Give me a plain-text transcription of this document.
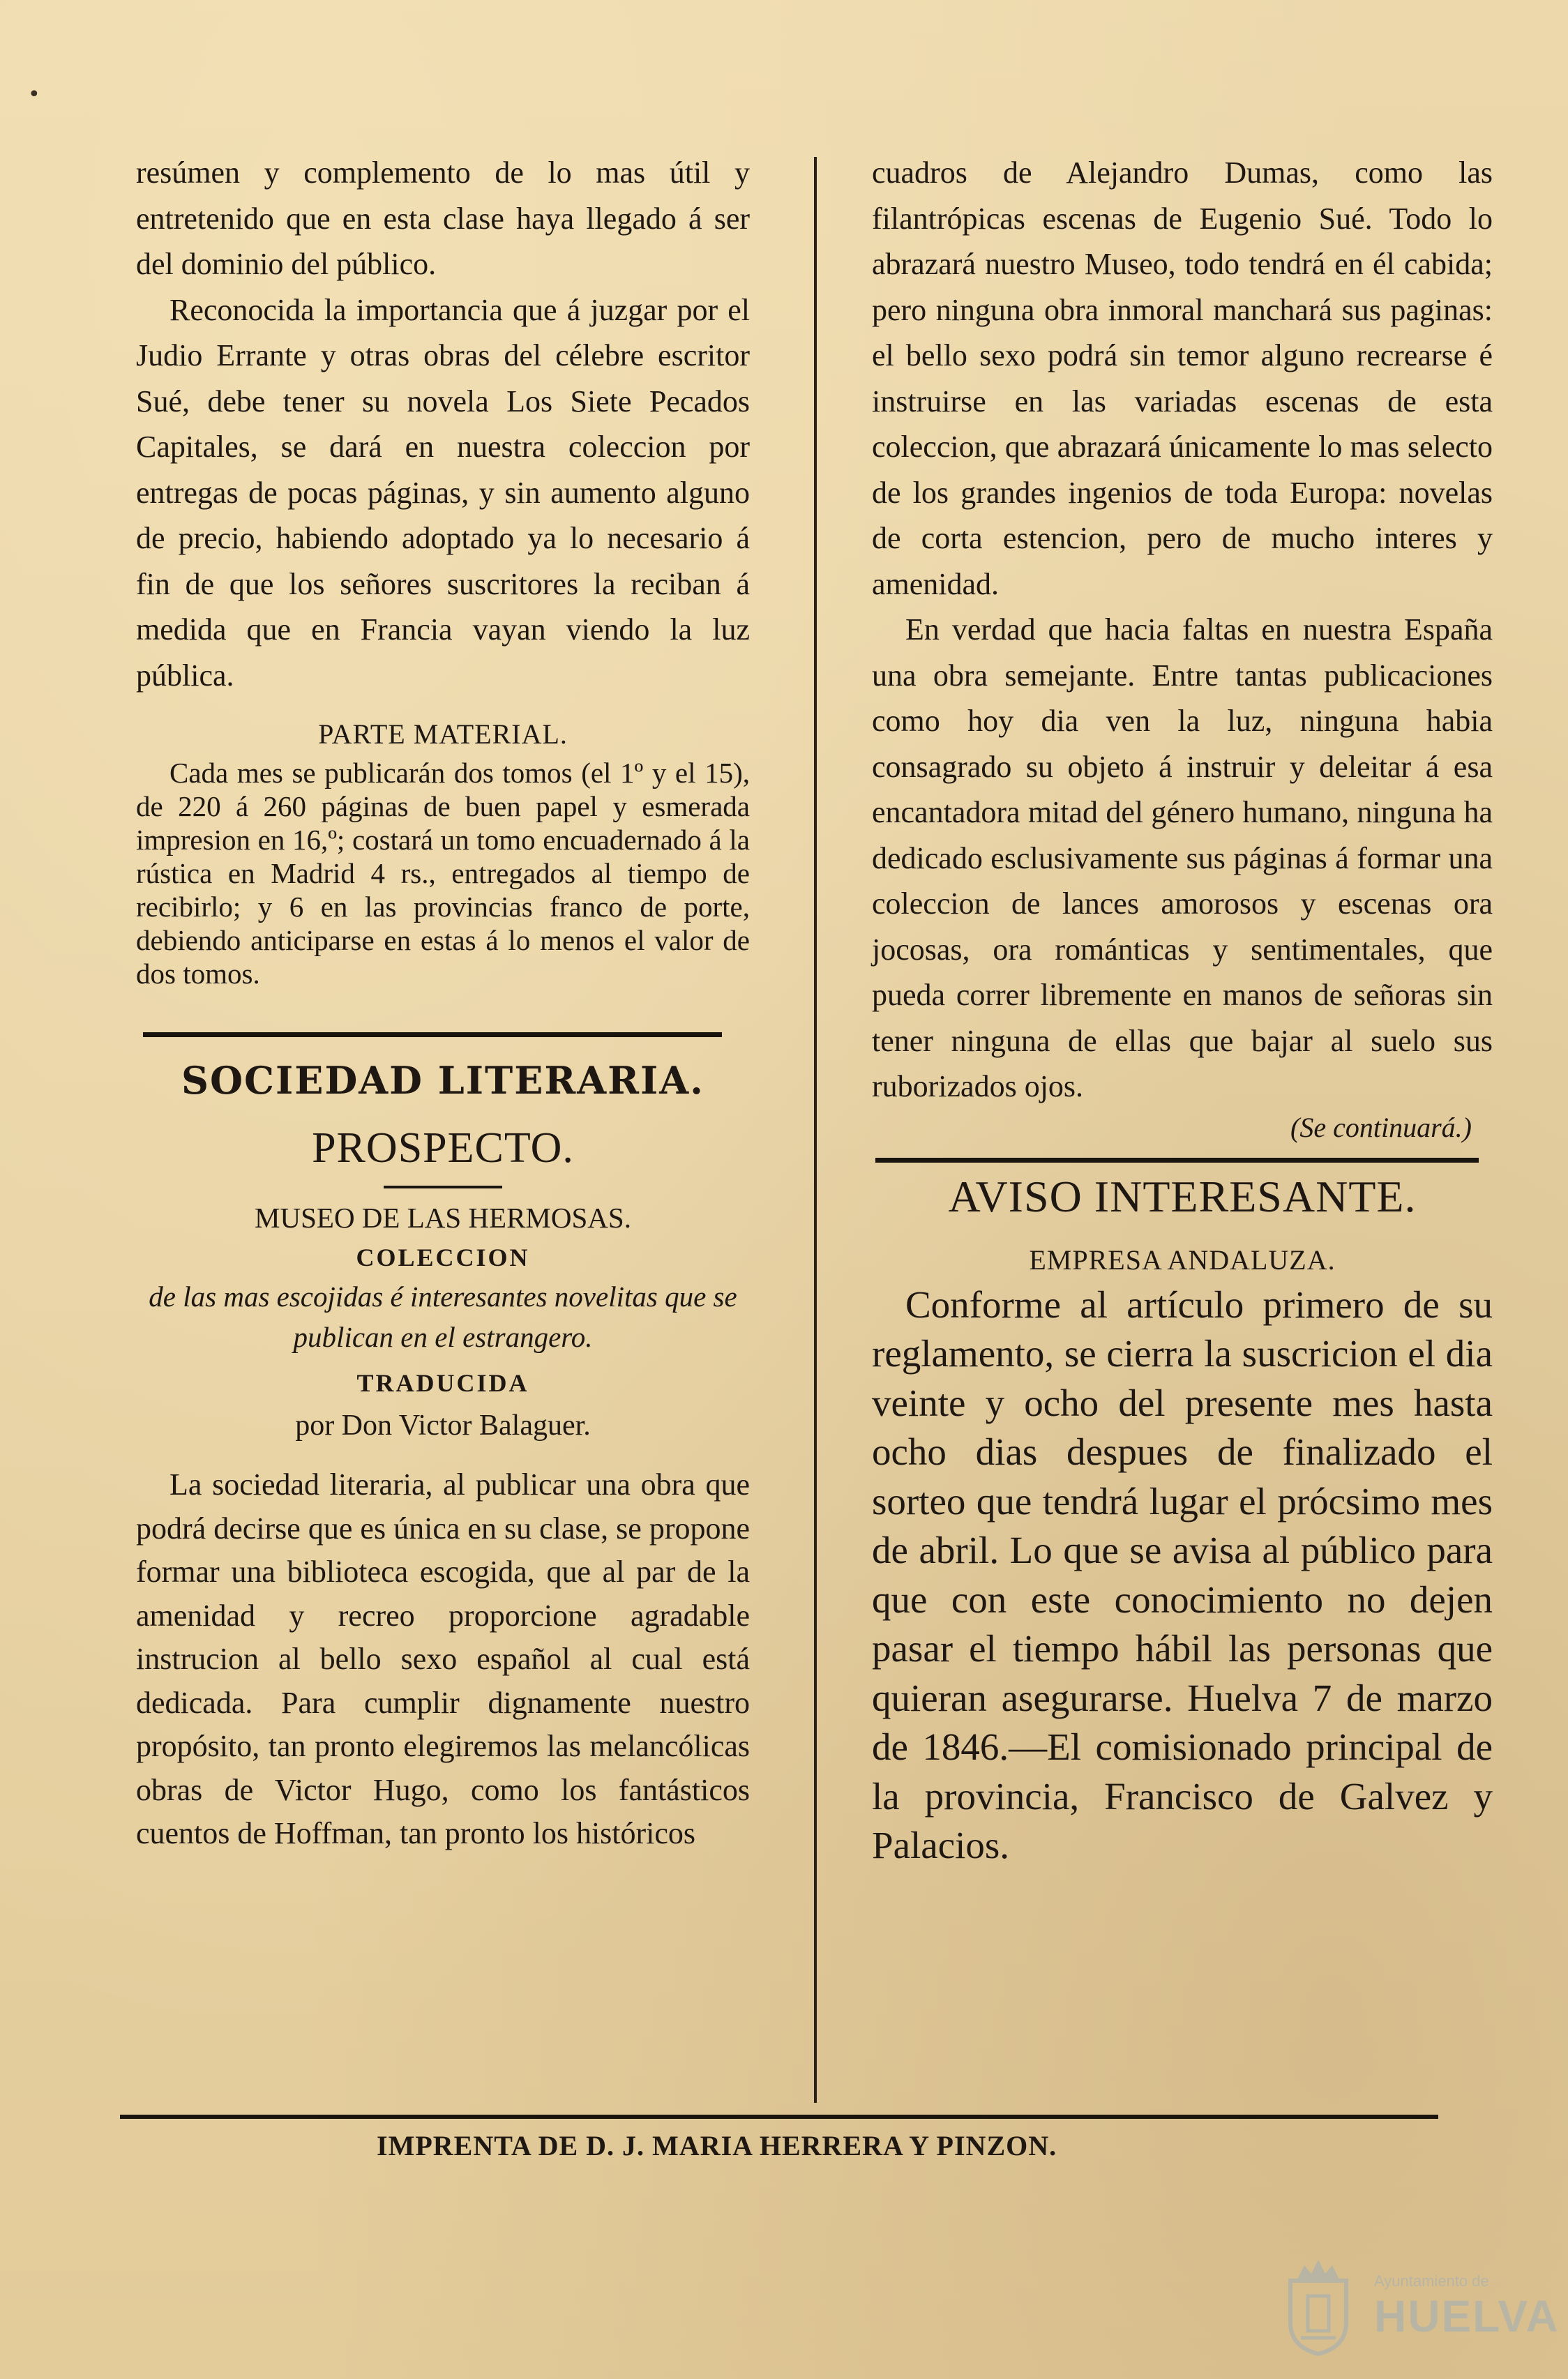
•

resúmen y complemento de lo mas útil y entretenido que en esta clase haya llegado á ser del dominio del público.

Reconocida la importancia que á juzgar por el Judio Errante y otras obras del célebre escritor Sué, debe tener su novela Los Siete Pecados Capitales, se dará en nuestra coleccion por entregas de pocas páginas, y sin aumento alguno de precio, habiendo adoptado ya lo necesario á fin de que los señores suscritores la reciban á medida que en Francia vayan viendo la luz pública.

PARTE MATERIAL.

Cada mes se publicarán dos tomos (el 1º y el 15), de 220 á 260 páginas de buen papel y esmerada impresion en 16,º; costará un tomo encuadernado á la rústica en Madrid 4 rs., entregados al tiempo de recibirlo; y 6 en las provincias franco de porte, debiendo anticiparse en estas á lo menos el valor de dos tomos.

SOCIEDAD LITERARIA.

PROSPECTO.

MUSEO DE LAS HERMOSAS.

COLECCION

de las mas escojidas é interesantes novelitas que se publican en el estrangero.

TRADUCIDA

por Don Victor Balaguer.

La sociedad literaria, al publicar una obra que podrá decirse que es única en su clase, se propone formar una biblioteca escogida, que al par de la amenidad y recreo proporcione agradable instrucion al bello sexo español al cual está dedicada. Para cumplir dignamente nuestro propósito, tan pronto elegiremos las melancólicas obras de Victor Hugo, como los fantásticos cuentos de Hoffman, tan pronto los históricos

cuadros de Alejandro Dumas, como las filantrópicas escenas de Eugenio Sué. Todo lo abrazará nuestro Museo, todo tendrá en él cabida; pero ninguna obra inmoral manchará sus paginas: el bello sexo podrá sin temor alguno recrearse é instruirse en las variadas escenas de esta coleccion, que abrazará únicamente lo mas selecto de los grandes ingenios de toda Europa: novelas de corta estencion, pero de mucho interes y amenidad.

En verdad que hacia faltas en nuestra España una obra semejante. Entre tantas publicaciones como hoy dia ven la luz, ninguna habia consagrado su objeto á instruir y deleitar á esa encantadora mitad del género humano, ninguna ha dedicado esclusivamente sus páginas á formar una coleccion de lances amorosos y escenas ora jocosas, ora románticas y sentimentales, que pueda correr libremente en manos de señoras sin tener ninguna de ellas que bajar al suelo sus ruborizados ojos.

(Se continuará.)

AVISO INTERESANTE.

EMPRESA ANDALUZA.

Conforme al artículo primero de su reglamento, se cierra la suscricion el dia veinte y ocho del presente mes hasta ocho dias despues de finalizado el sorteo que tendrá lugar el prócsimo mes de abril. Lo que se avisa al público para que con este conocimiento no dejen pasar el tiempo hábil las personas que quieran asegurarse. Huelva 7 de marzo de 1846.—El comisionado principal de la provincia, Francisco de Galvez y Palacios.

IMPRENTA DE D. J. MARIA HERRERA Y PINZON.
Ayuntamiento de
HUELVA
